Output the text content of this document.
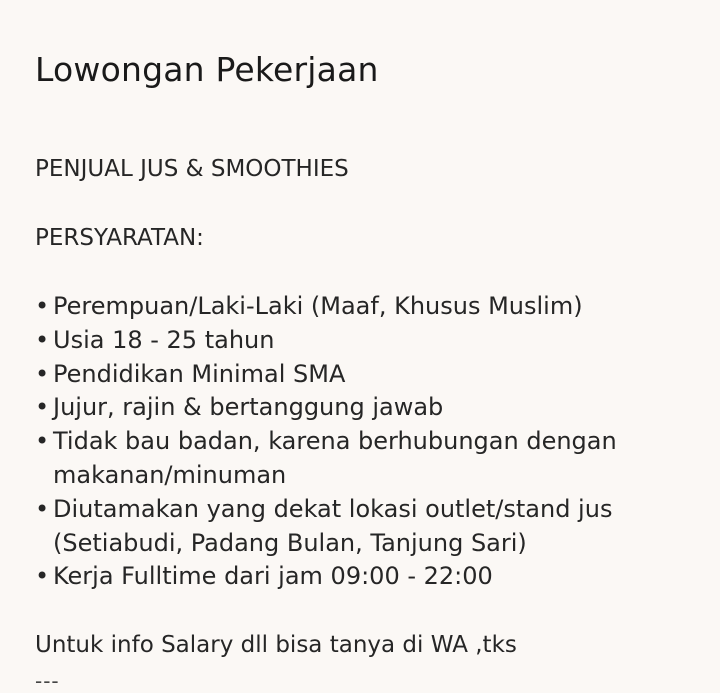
Lowongan Pekerjaan
PENJUAL JUS & SMOOTHIES
PERSYARATAN:
• Perempuan/Laki-Laki (Maaf, Khusus Muslim)
• Usia 18 - 25 tahun
• Pendidikan Minimal SMA
• Jujur, rajin & bertanggung jawab
• Tidak bau badan, karena berhubungan dengan makanan/minuman
• Diutamakan yang dekat lokasi outlet/stand jus (Setiabudi, Padang Bulan, Tanjung Sari)
• Kerja Fulltime dari jam 09:00 - 22:00
Untuk info Salary dll bisa tanya di WA ,tks
---
